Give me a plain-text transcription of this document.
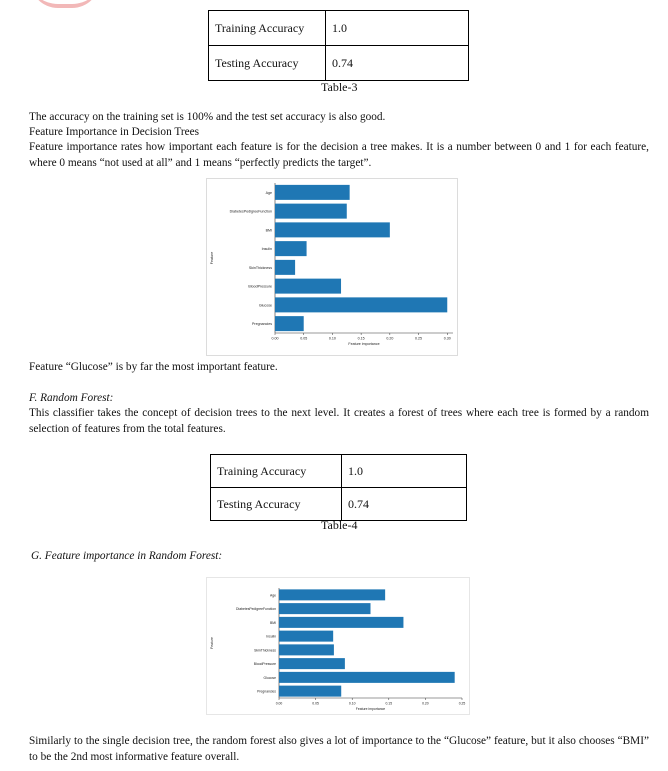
Training Accuracy	1.0
Testing Accuracy	0.74
Table-3
The accuracy on the training set is 100% and the test set accuracy is also good.
Feature Importance in Decision Trees
Feature importance rates how important each feature is for the decision a tree makes. It is a number between 0 and 1 for each feature, where 0 means “not used at all” and 1 means “perfectly predicts the target”.
Age
DiabetesPedigreeFunction
BMI
Insulin
SkinThickness
BloodPressure
Glucose
Pregnancies
0.00	0.05	0.10	0.15	0.20	0.25	0.30
Feature importance
Feature
Feature “Glucose” is by far the most important feature.
F. Random Forest:
This classifier takes the concept of decision trees to the next level. It creates a forest of trees where each tree is formed by a random selection of features from the total features.
Training Accuracy	1.0
Testing Accuracy	0.74
Table-4
G. Feature importance in Random Forest:
Age
DiabetesPedigreeFunction
BMI
Insulin
SkinThickness
BloodPressure
Glucose
Pregnancies
0.00	0.05	0.10	0.15	0.20	0.25
Feature importance
Feature
Similarly to the single decision tree, the random forest also gives a lot of importance to the “Glucose” feature, but it also chooses “BMI” to be the 2nd most informative feature overall.
